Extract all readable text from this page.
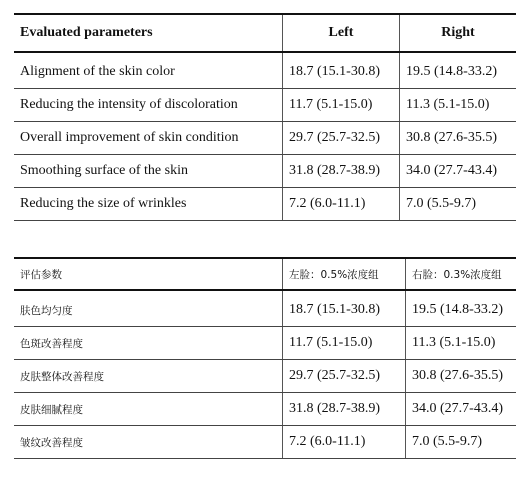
Evaluated parameters	Left	Right

Alignment of the skin color	18.7 (15.1-30.8)	19.5 (14.8-33.2)
Reducing the intensity of discoloration	11.7 (5.1-15.0)	11.3 (5.1-15.0)
Overall improvement of skin condition	29.7 (25.7-32.5)	30.8 (27.6-35.5)
Smoothing surface of the skin	31.8 (28.7-38.9)	34.0 (27.7-43.4)
Reducing the size of wrinkles	7.2 (6.0-11.1)	7.0 (5.5-9.7)
评估参数	左脸：0.5%浓度组	右脸：0.3%浓度组

肤色均匀度	18.7 (15.1-30.8)	19.5 (14.8-33.2)
色斑改善程度	11.7 (5.1-15.0)	11.3 (5.1-15.0)
皮肤整体改善程度	29.7 (25.7-32.5)	30.8 (27.6-35.5)
皮肤细腻程度	31.8 (28.7-38.9)	34.0 (27.7-43.4)
皱纹改善程度	7.2 (6.0-11.1)	7.0 (5.5-9.7)
